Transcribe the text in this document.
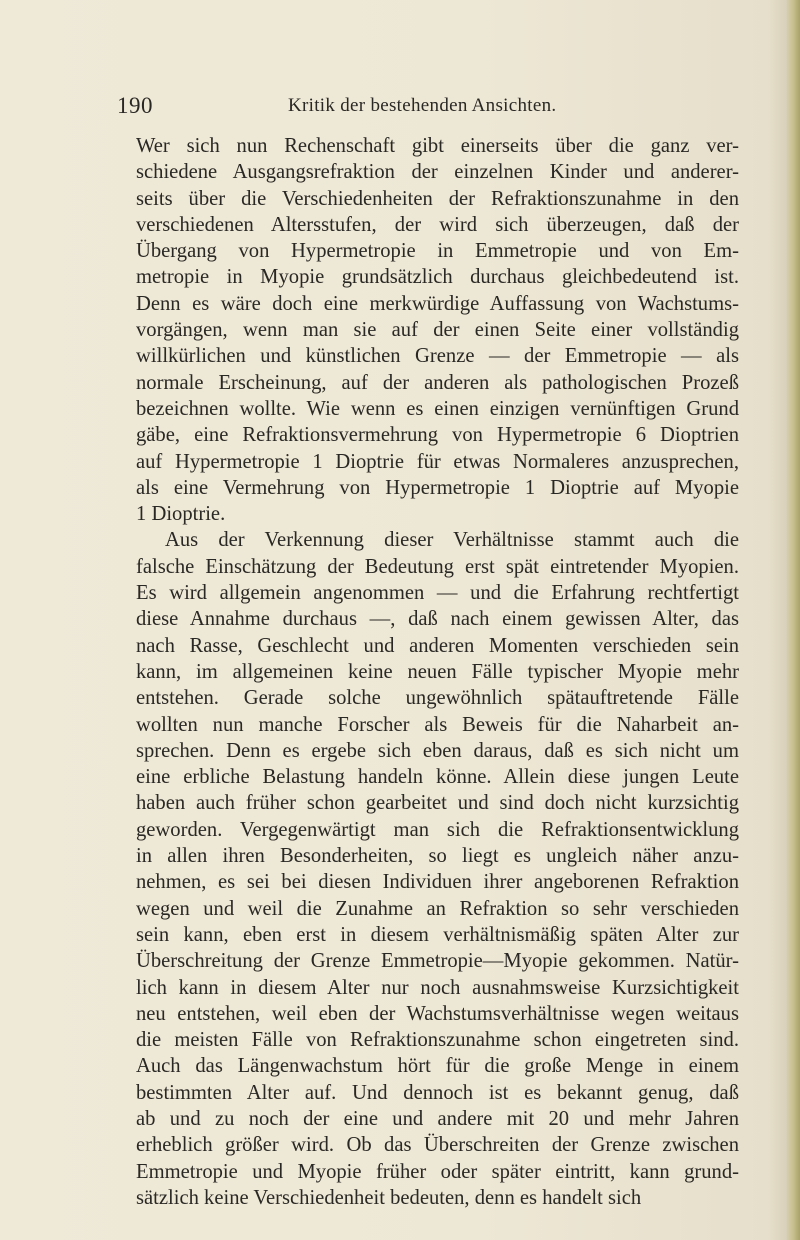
190	Kritik der bestehenden Ansichten.
Wer sich nun Rechenschaft gibt einerseits über die ganz ver-
schiedene Ausgangsrefraktion der einzelnen Kinder und anderer-
seits über die Verschiedenheiten der Refraktionszunahme in den
verschiedenen Altersstufen, der wird sich überzeugen, daß der
Übergang von Hypermetropie in Emmetropie und von Em-
metropie in Myopie grundsätzlich durchaus gleichbedeutend ist.
Denn es wäre doch eine merkwürdige Auffassung von Wachstums-
vorgängen, wenn man sie auf der einen Seite einer vollständig
willkürlichen und künstlichen Grenze — der Emmetropie — als
normale Erscheinung, auf der anderen als pathologischen Prozeß
bezeichnen wollte. Wie wenn es einen einzigen vernünftigen Grund
gäbe, eine Refraktionsvermehrung von Hypermetropie 6 Dioptrien
auf Hypermetropie 1 Dioptrie für etwas Normaleres anzusprechen,
als eine Vermehrung von Hypermetropie 1 Dioptrie auf Myopie
1 Dioptrie.
Aus der Verkennung dieser Verhältnisse stammt auch die
falsche Einschätzung der Bedeutung erst spät eintretender Myopien.
Es wird allgemein angenommen — und die Erfahrung rechtfertigt
diese Annahme durchaus —, daß nach einem gewissen Alter, das
nach Rasse, Geschlecht und anderen Momenten verschieden sein
kann, im allgemeinen keine neuen Fälle typischer Myopie mehr
entstehen. Gerade solche ungewöhnlich spätauftretende Fälle
wollten nun manche Forscher als Beweis für die Naharbeit an-
sprechen. Denn es ergebe sich eben daraus, daß es sich nicht um
eine erbliche Belastung handeln könne. Allein diese jungen Leute
haben auch früher schon gearbeitet und sind doch nicht kurzsichtig
geworden. Vergegenwärtigt man sich die Refraktionsentwicklung
in allen ihren Besonderheiten, so liegt es ungleich näher anzu-
nehmen, es sei bei diesen Individuen ihrer angeborenen Refraktion
wegen und weil die Zunahme an Refraktion so sehr verschieden
sein kann, eben erst in diesem verhältnismäßig späten Alter zur
Überschreitung der Grenze Emmetropie—Myopie gekommen. Natür-
lich kann in diesem Alter nur noch ausnahmsweise Kurzsichtigkeit
neu entstehen, weil eben der Wachstumsverhältnisse wegen weitaus
die meisten Fälle von Refraktionszunahme schon eingetreten sind.
Auch das Längenwachstum hört für die große Menge in einem
bestimmten Alter auf. Und dennoch ist es bekannt genug, daß
ab und zu noch der eine und andere mit 20 und mehr Jahren
erheblich größer wird. Ob das Überschreiten der Grenze zwischen
Emmetropie und Myopie früher oder später eintritt, kann grund-
sätzlich keine Verschiedenheit bedeuten, denn es handelt sich
